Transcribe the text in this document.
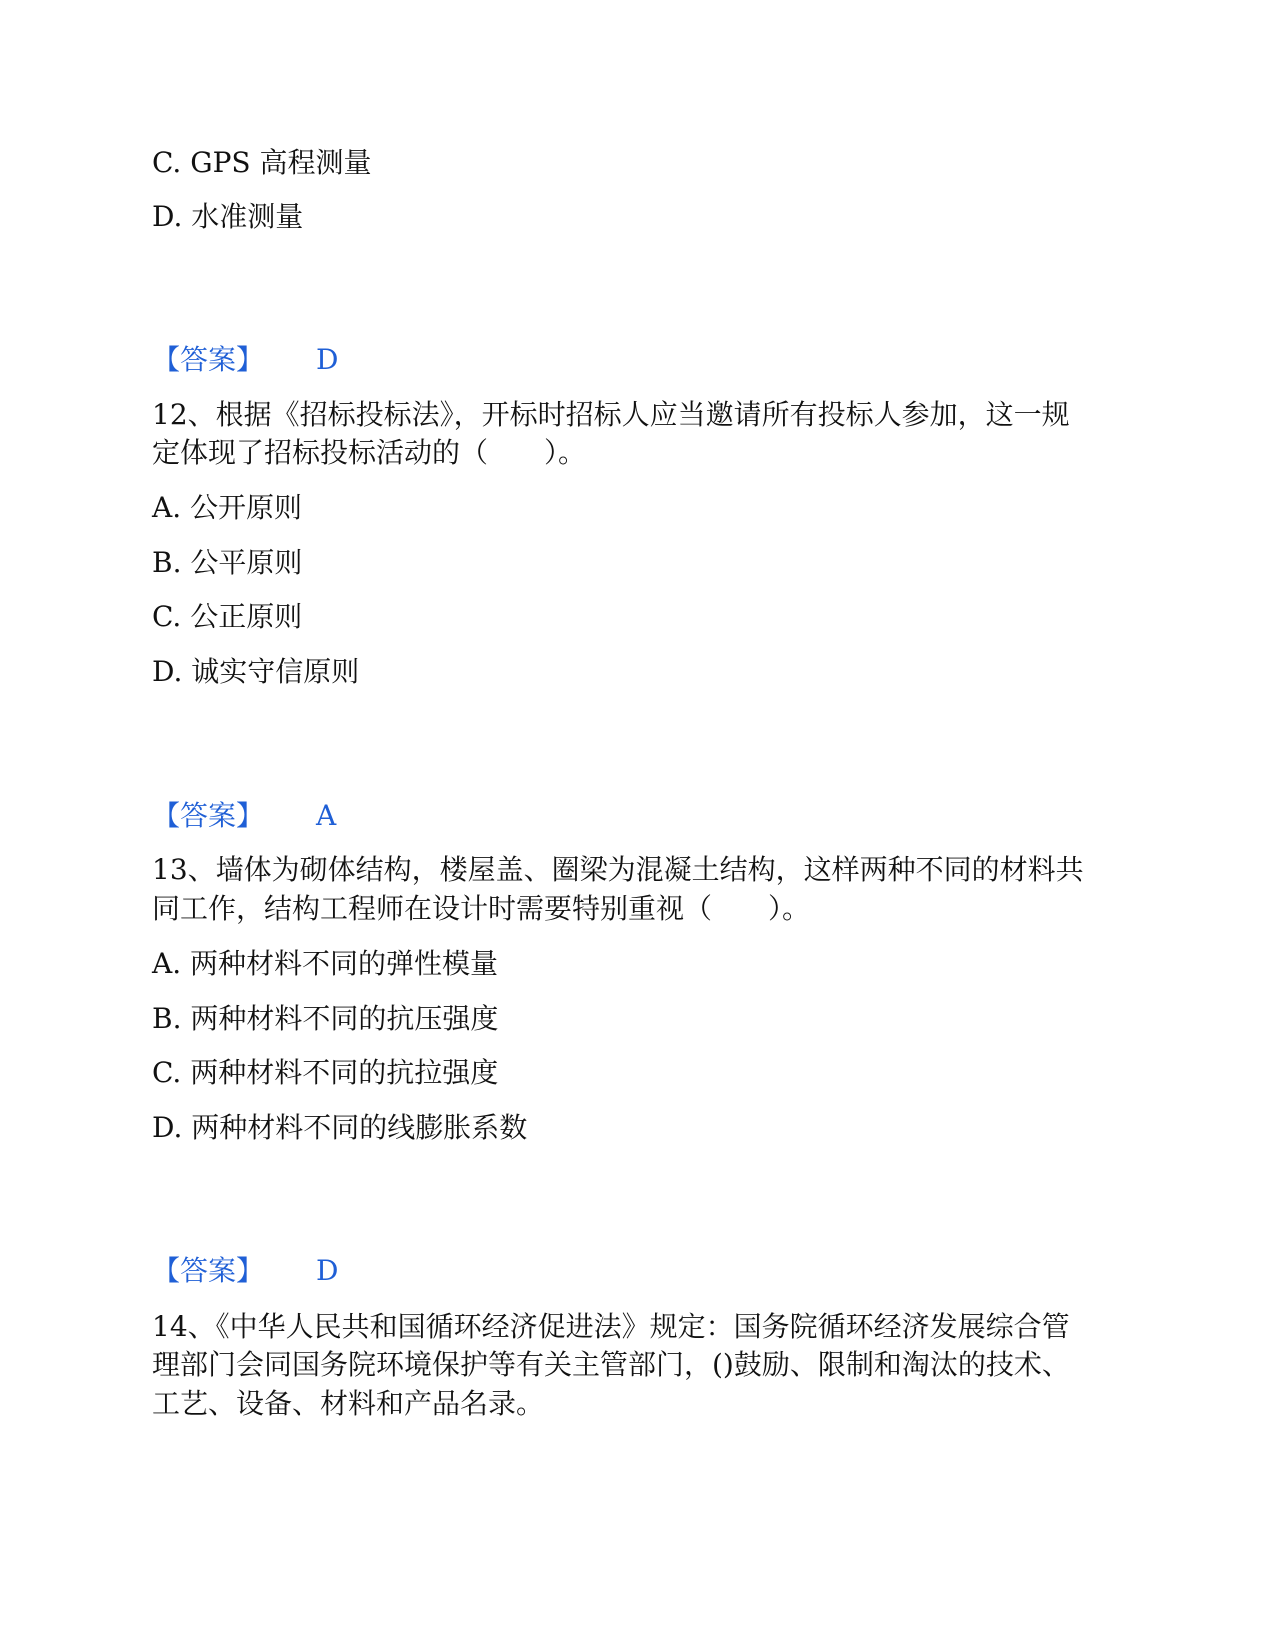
C. GPS 高程测量
D. 水准测量
【答案】 D
12、根据《招标投标法》，开标时招标人应当邀请所有投标人参加，这一规
定体现了招标投标活动的（　　）。
A. 公开原则
B. 公平原则
C. 公正原则
D. 诚实守信原则
【答案】 A
13、墙体为砌体结构，楼屋盖、圈梁为混凝土结构，这样两种不同的材料共
同工作，结构工程师在设计时需要特别重视（　　）。
A. 两种材料不同的弹性模量
B. 两种材料不同的抗压强度
C. 两种材料不同的抗拉强度
D. 两种材料不同的线膨胀系数
【答案】 D
14、《中华人民共和国循环经济促进法》规定：国务院循环经济发展综合管
理部门会同国务院环境保护等有关主管部门，()鼓励、限制和淘汰的技术、
工艺、设备、材料和产品名录。
